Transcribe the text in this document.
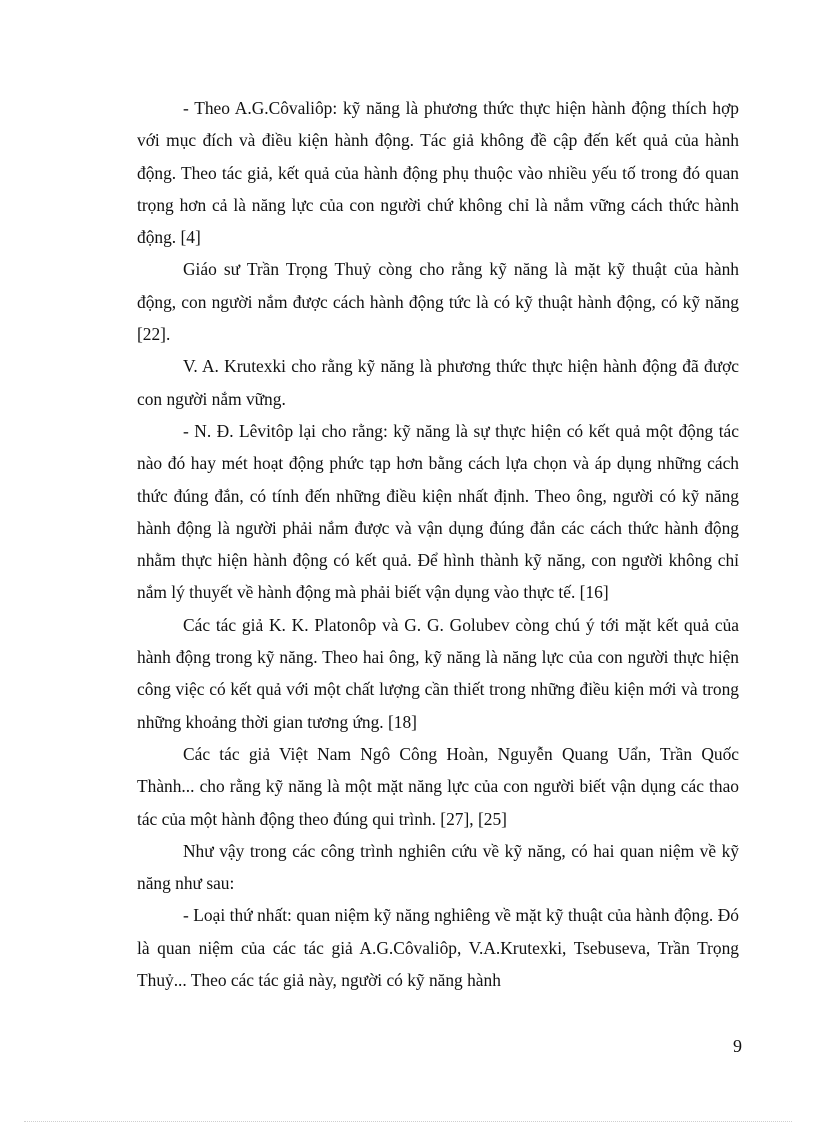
- Theo A.G.Côvaliôp: kỹ năng là phương thức thực hiện hành động thích hợp với mục đích và điều kiện hành động. Tác giả không đề cập đến kết quả của hành động. Theo tác giả, kết quả của hành động phụ thuộc vào nhiều yếu tố trong đó quan trọng hơn cả là năng lực của con người chứ không chỉ là nắm vững cách thức hành động. [4]

Giáo sư Trần Trọng Thuỷ còng cho rằng kỹ năng là mặt kỹ thuật của hành động, con người nắm được cách hành động tức là có kỹ thuật hành động, có kỹ năng [22].

V. A. Krutexki cho rằng kỹ năng là phương thức thực hiện hành động đã được con người nắm vững.

- N. Đ. Lêvitôp lại cho rằng: kỹ năng là sự thực hiện có kết quả một động tác nào đó hay mét hoạt động phức tạp hơn bằng cách lựa chọn và áp dụng những cách thức đúng đắn, có tính đến những điều kiện nhất định. Theo ông, người có kỹ năng hành động là người phải nắm được và vận dụng đúng đắn các cách thức hành động nhằm thực hiện hành động có kết quả. Để hình thành kỹ năng, con người không chỉ nắm lý thuyết về hành động mà phải biết vận dụng vào thực tế. [16]

Các tác giả K. K. Platonôp và G. G. Golubev còng chú ý tới mặt kết quả của hành động trong kỹ năng. Theo hai ông, kỹ năng là năng lực của con người thực hiện công việc có kết quả với một chất lượng cần thiết trong những điều kiện mới và trong những khoảng thời gian tương ứng. [18]

Các tác giả Việt Nam Ngô Công Hoàn, Nguyễn Quang Uẩn, Trần Quốc Thành... cho rằng kỹ năng là một mặt năng lực của con người biết vận dụng các thao tác của một hành động theo đúng qui trình. [27], [25]

Như vậy trong các công trình nghiên cứu về kỹ năng, có hai quan niệm về kỹ năng như sau:

- Loại thứ nhất: quan niệm kỹ năng nghiêng về mặt kỹ thuật của hành động. Đó là quan niệm của các tác giả A.G.Côvaliôp, V.A.Krutexki, Tsebuseva, Trần Trọng Thuỷ... Theo các tác giả này, người có kỹ năng hành

9
